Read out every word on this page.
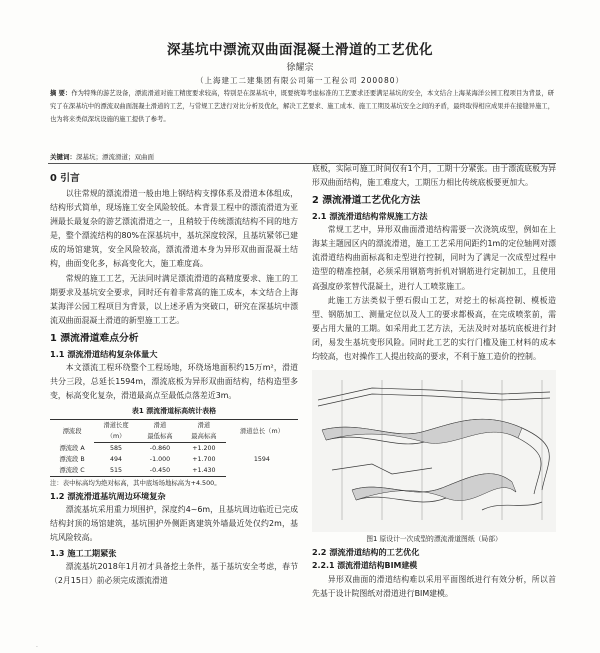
深基坑中漂流双曲面混凝土滑道的工艺优化
徐耀宗
（上海建工二建集团有限公司第一工程公司 200080）
摘 要：作为特殊的游艺设备，漂流滑道对施工精度要求较高，特别是在深基坑中，既要统筹考虑标准的工艺要求还要满足基坑的安全，本文结合上海某海洋公园工程项目为背景，研究了在深基坑中的漂流双曲面混凝土滑道的工艺，与常规工艺进行对比分析及优化，解决工艺要求、施工成本、施工工期及基坑安全之间的矛盾，最终取得相应成果并在接缝异施工，也为将来类似深坑设施的施工提供了参考。
关键词：深基坑；漂流滑道；双曲面
0 引言
以往常规的漂流滑道一般由地上钢结构支撑体系及滑道本体组成，结构形式简单，现场施工安全风险较低。本背景工程中的漂流滑道为亚洲最长最复杂的游艺漂流滑道之一，且稍较于传统漂流结构不同的地方是，整个漂流结构的80%在深基坑中，基坑深度较深，且基坑紧邻已建成的场馆建筑，安全风险较高，漂流滑道本身为异形双曲面混凝土结构，曲面变化多，标高变化大，施工难度高。
常规的施工工艺，无法同时满足漂流滑道的高精度要求、施工的工期要求及基坑安全要求，同时还有着非常高的施工成本，本文结合上海某海洋公园工程项目为背景，以上述矛盾为突破口，研究在深基坑中漂流双曲面混凝土滑道的新型施工工艺。
1 漂流滑道难点分析
1.1 漂流滑道结构复杂体量大
本文漂流工程环绕整个工程场地，环绕场地面积约15万m²，滑道共分三段，总延长1594m，漂流底板为异形双曲面结构，结构造型多变，标高变化复杂，滑道最高点至最低点落差近3m。
表1 漂流滑道标高统计表格
漂流段	滑道长度	滑道	滑道	滑道总长（m）
	（m）	最低标高	最高标高	
漂流段 A	585	-0.860	+1.200	1594
漂流段 B	494	-1.000	+1.700	
漂流段 C	515	-0.450	+1.430	
注：表中标高均为绝对标高，其中底场场地标高为+4.500。
1.2 漂流滑道基坑周边环境复杂
漂流基坑采用重力坝围护，深度约4~6m，且基坑周边临近已完成结构封顶的场馆建筑，基坑围护外侧距离建筑外墙最近处仅约2m，基坑风险较高。
1.3 施工工期紧张
漂流基坑2018年1月初才具备挖土条件，基于基坑安全考虑，春节（2月15日）前必须完成漂流滑道
底板，实际可施工时间仅有1个月，工期十分紧张。由于漂流底板为异形双曲面结构，施工难度大，工期压力相比传统底板要更加大。
2 漂流滑道工艺优化方法
2.1 漂流滑道结构常规施工方法
常规工艺中，异形双曲面滑道结构需要一次浇筑成型，例如在上海某主题园区内的漂流滑道，施工工艺采用间距约1m的定位轴网对漂流滑道结构曲面标高和走型进行控制，同时为了满足一次成型过程中造型的精准控制，必须采用钢筋弯折机对钢筋进行定制加工，且使用高强度砂浆替代混凝土，进行人工喷浆施工。
此施工方法类似于塑石假山工艺，对挖土的标高控制、模板造型、钢筋加工、测量定位以及人工的要求都极高，在完成喷浆前，需要占用大量的工期。如采用此工艺方法，无法及时对基坑底板进行封闭，易发生基坑变形风险。同时此工艺的实行门槛及施工材料的成本均较高，也对操作工人提出较高的要求，不利于施工造价的控制。
图1 原设计一次成型的漂流滑道图纸（局部）
2.2 漂流滑道结构的工艺优化
2.2.1 漂流滑道结构BIM建模
异形双曲面的滑道结构难以采用平面图纸进行有效分析，所以首先基于设计院图纸对滑道进行BIM建模。
.
